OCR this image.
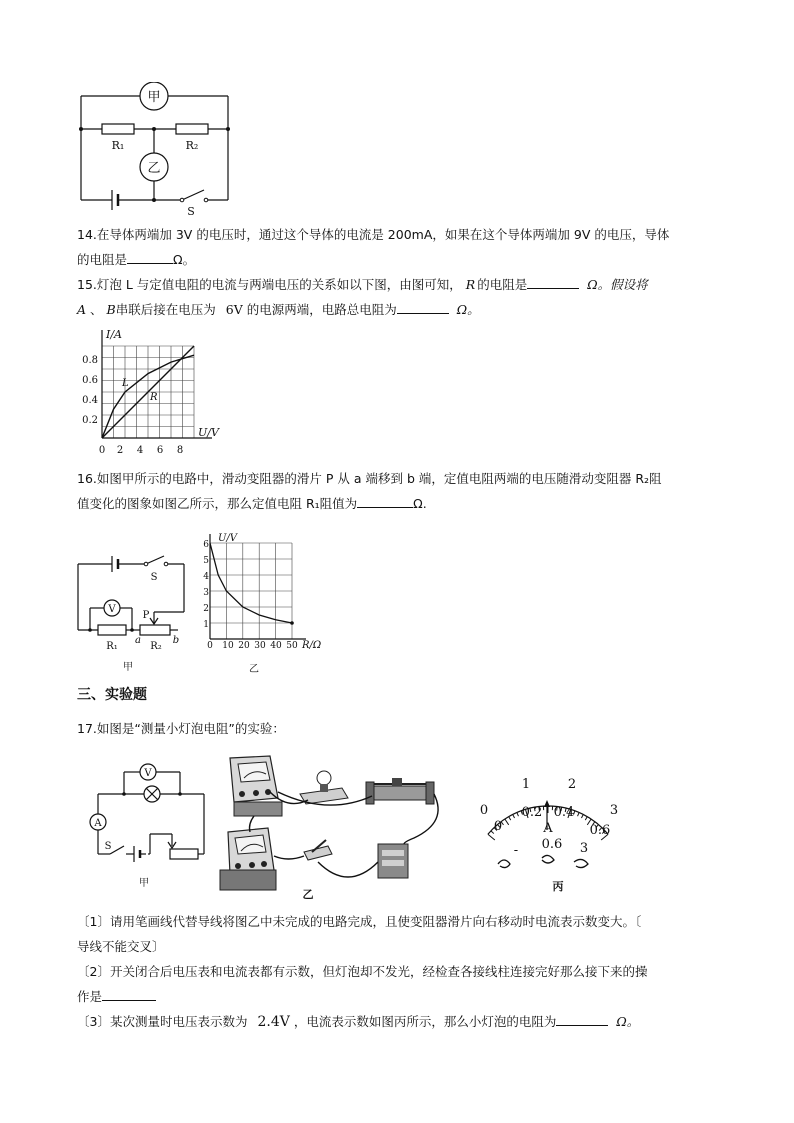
甲
乙
R₁	R₂
S
14.在导体两端加 3V 的电压时，通过这个导体的电流是 200mA，如果在这个导体两端加 9V 的电压，导体
的电阻是	Ω。
15.灯泡 L 与定值电阻的电流与两端电压的关系如以下图，由图可知， R 的电阻是	Ω。假设将
A 、 B串联后接在电压为 6V 的电源两端，电路总电阻为	Ω。
I/A
U/V
0.8
0.6
0.4
0.2
0 2 4 6 8
L
R
16.如图甲所示的电路中，滑动变阻器的滑片 P 从 a 端移到 b 端，定值电阻两端的电压随滑动变阻器 R₂阻
值变化的图象如图乙所示，那么定值电阻 R₁阻值为	Ω.
S
V
P
R₁	R₂
a	b
甲
U/V
R/Ω
6
5
4
3
2
1
0 10 20 30 40 50
乙
三、实验题
17.如图是“测量小灯泡电阻”的实验：
V
A
S
甲
乙
0
1	2
3
0
0.2 0.4
0.6
A
- 0.6 3
丙
〔1〕请用笔画线代替导线将图乙中未完成的电路完成，且使变阻器滑片向右移动时电流表示数变大。〔
导线不能交叉〕
〔2〕开关闭合后电压表和电流表都有示数，但灯泡却不发光，经检查各接线柱连接完好那么接下来的操
作是
〔3〕某次测量时电压表示数为 2.4V ，电流表示数如图丙所示，那么小灯泡的电阻为	Ω。
